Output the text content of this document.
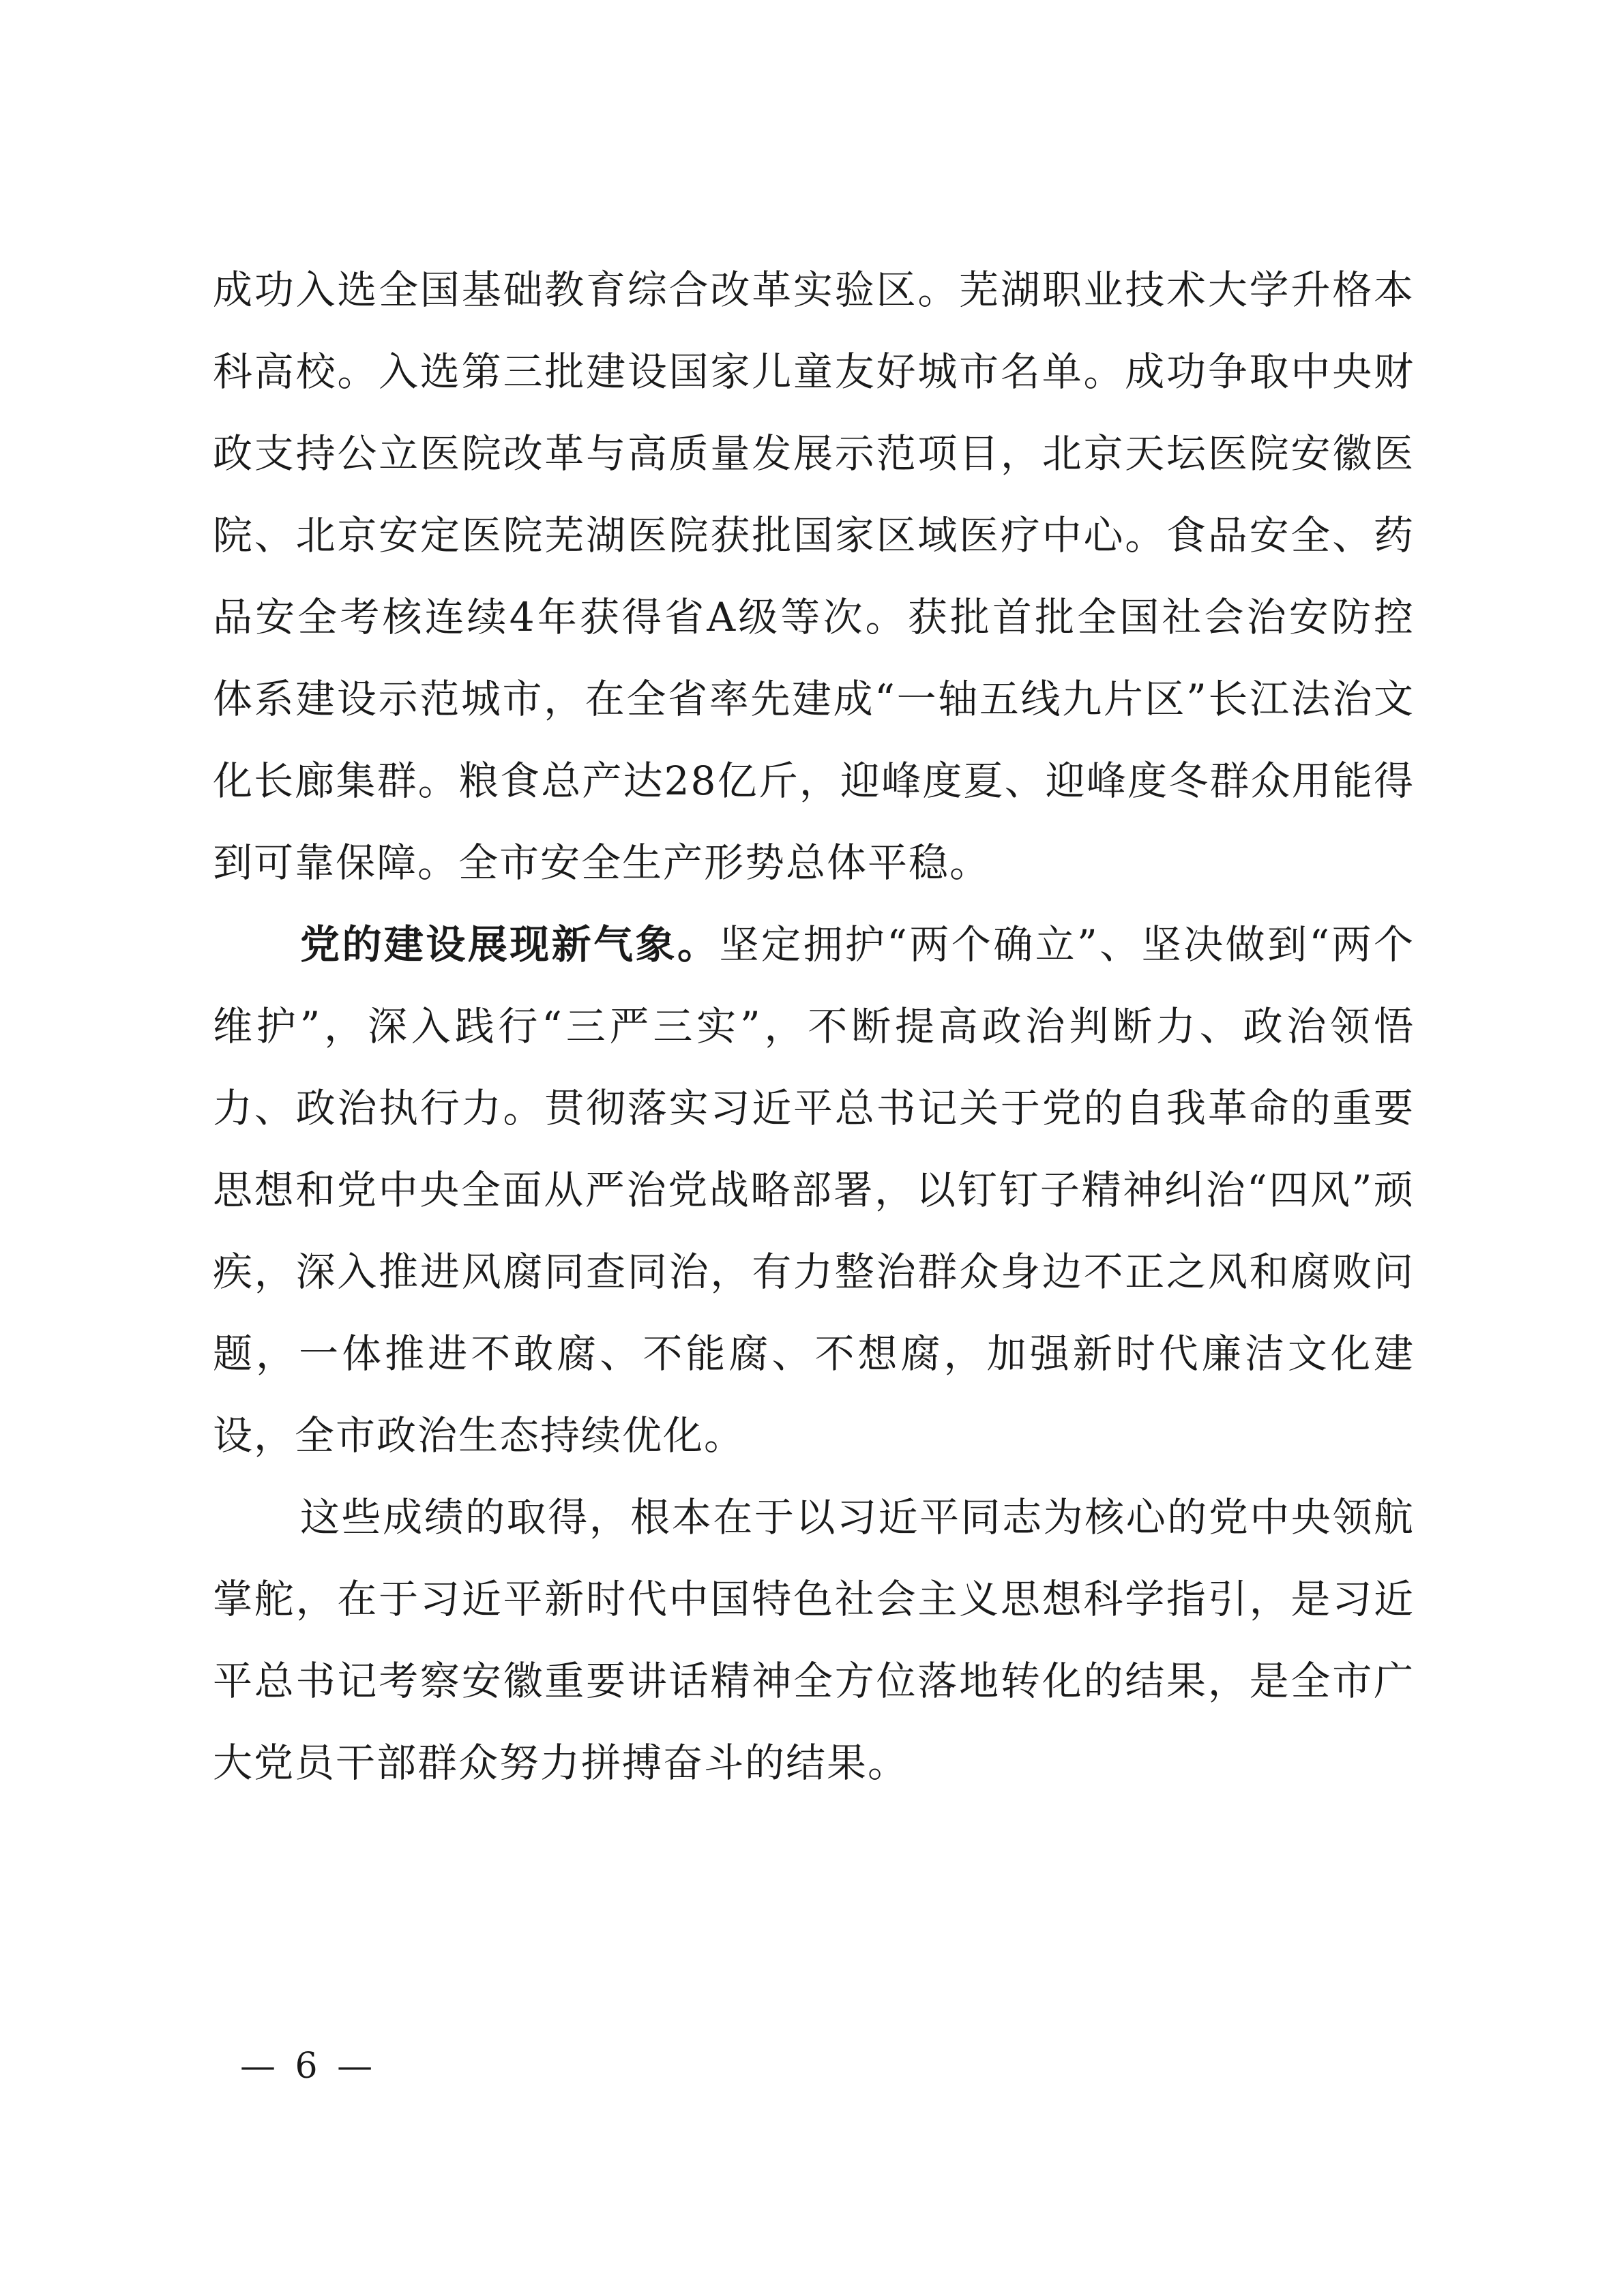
成功入选全国基础教育综合改革实验区。芜湖职业技术大学升格本科高校。入选第三批建设国家儿童友好城市名单。成功争取中央财政支持公立医院改革与高质量发展示范项目，北京天坛医院安徽医院、北京安定医院芜湖医院获批国家区域医疗中心。食品安全、药品安全考核连续4年获得省A级等次。获批首批全国社会治安防控体系建设示范城市，在全省率先建成“一轴五线九片区”长江法治文化长廊集群。粮食总产达28亿斤，迎峰度夏、迎峰度冬群众用能得到可靠保障。全市安全生产形势总体平稳。

党的建设展现新气象。坚定拥护“两个确立”、坚决做到“两个维护”，深入践行“三严三实”，不断提高政治判断力、政治领悟力、政治执行力。贯彻落实习近平总书记关于党的自我革命的重要思想和党中央全面从严治党战略部署，以钉钉子精神纠治“四风”顽疾，深入推进风腐同查同治，有力整治群众身边不正之风和腐败问题，一体推进不敢腐、不能腐、不想腐，加强新时代廉洁文化建设，全市政治生态持续优化。

这些成绩的取得，根本在于以习近平同志为核心的党中央领航掌舵，在于习近平新时代中国特色社会主义思想科学指引，是习近平总书记考察安徽重要讲话精神全方位落地转化的结果，是全市广大党员干部群众努力拼搏奋斗的结果。

— 6 —
